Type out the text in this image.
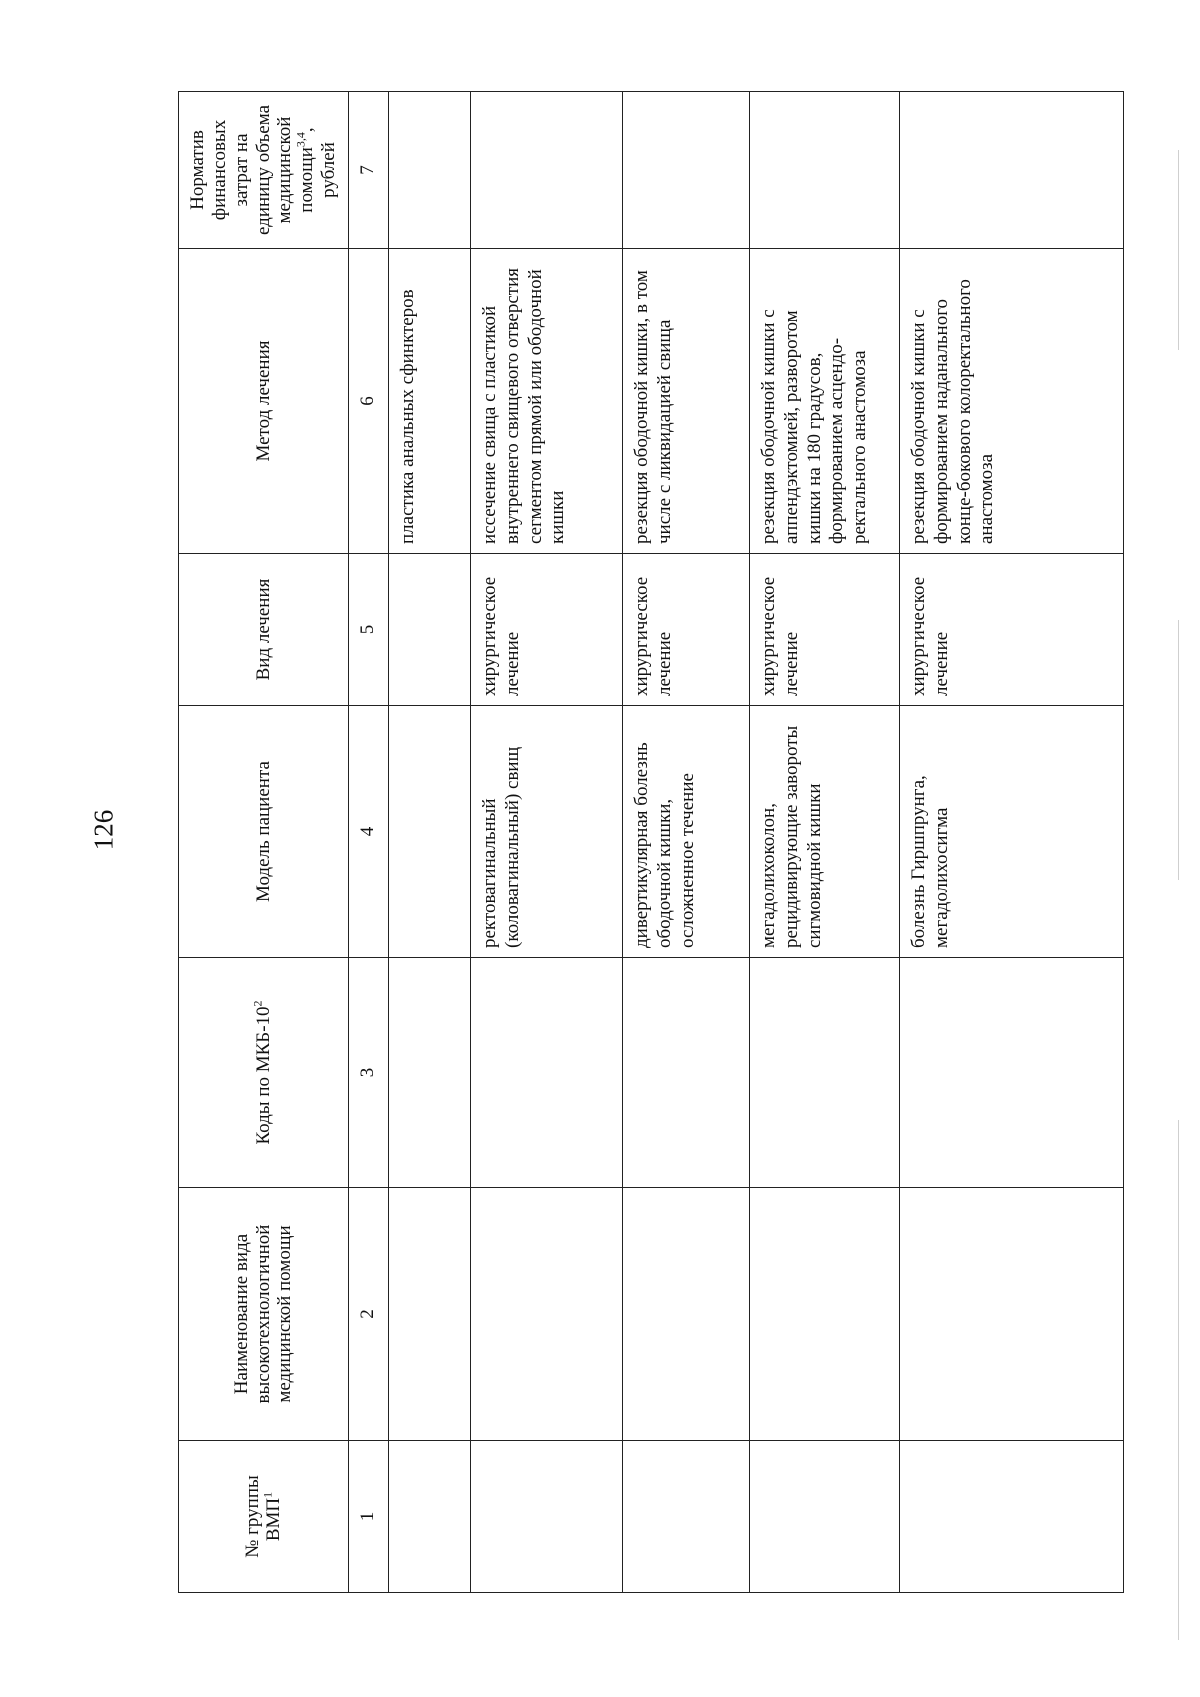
126
№ группы ВМП$^1$	Наименование вида высокотехнологичной медицинской помощи	Коды по МКБ-$10^2$	Модель пациента	Вид лечения	Метод лечения	Норматив финансовых затрат на единицу объема медицинской помощи$^{3,4}$, рублей
1	2	3	4	5	6	7
					пластика анальных сфинктеров	
			ректовагинальный (коловагинальный) свищ	хирургическое лечение	иссечение свища с пластикой внутреннего свищевого отверстия сегментом прямой или ободочной кишки	
			дивертикулярная болезнь ободочной кишки, осложненное течение	хирургическое лечение	резекция ободочной кишки, в том числе с ликвидацией свища	
			мегадолихоколон, рецидивирующие завороты сигмовидной кишки	хирургическое лечение	резекция ободочной кишки с аппендэктомией, разворотом кишки на 180 градусов, формированием асцендо-ректального анастомоза	
			болезнь Гиршпрунга, мегадолихосигма	хирургическое лечение	резекция ободочной кишки с формированием наданального конце-бокового колоректального анастомоза	
